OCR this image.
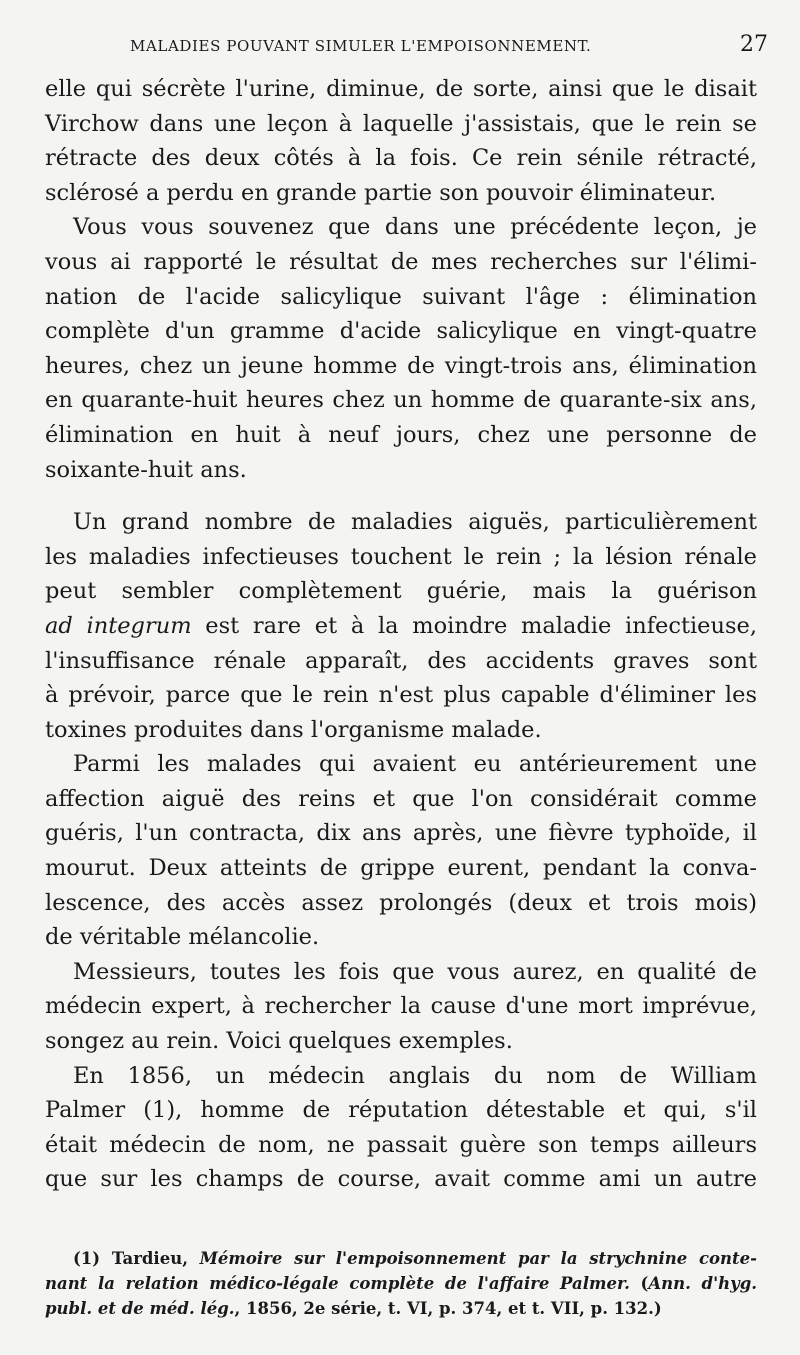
MALADIES POUVANT SIMULER L'EMPOISONNEMENT.	27

elle qui sécrète l'urine, diminue, de sorte, ainsi que le disait
Virchow dans une leçon à laquelle j'assistais, que le rein se
rétracte des deux côtés à la fois. Ce rein sénile rétracté,
sclérosé a perdu en grande partie son pouvoir éliminateur.

Vous vous souvenez que dans une précédente leçon, je
vous ai rapporté le résultat de mes recherches sur l'élimi-
nation de l'acide salicylique suivant l'âge : élimination
complète d'un gramme d'acide salicylique en vingt-quatre
heures, chez un jeune homme de vingt-trois ans, élimination
en quarante-huit heures chez un homme de quarante-six ans,
élimination en huit à neuf jours, chez une personne de
soixante-huit ans.

Un grand nombre de maladies aiguës, particulièrement
les maladies infectieuses touchent le rein ; la lésion rénale
peut sembler complètement guérie, mais la guérison
ad integrum est rare et à la moindre maladie infectieuse,
l'insuffisance rénale apparaît, des accidents graves sont
à prévoir, parce que le rein n'est plus capable d'éliminer les
toxines produites dans l'organisme malade.

Parmi les malades qui avaient eu antérieurement une
affection aiguë des reins et que l'on considérait comme
guéris, l'un contracta, dix ans après, une fièvre typhoïde, il
mourut. Deux atteints de grippe eurent, pendant la conva-
lescence, des accès assez prolongés (deux et trois mois)
de véritable mélancolie.

Messieurs, toutes les fois que vous aurez, en qualité de
médecin expert, à rechercher la cause d'une mort imprévue,
songez au rein. Voici quelques exemples.

En 1856, un médecin anglais du nom de William
Palmer (1), homme de réputation détestable et qui, s'il
était médecin de nom, ne passait guère son temps ailleurs
que sur les champs de course, avait comme ami un autre

(1) Tardieu, Mémoire sur l'empoisonnement par la strychnine conte-
nant la relation médico-légale complète de l'affaire Palmer. (Ann. d'hyg.
publ. et de méd. lég., 1856, 2e série, t. VI, p. 374, et t. VII, p. 132.)
